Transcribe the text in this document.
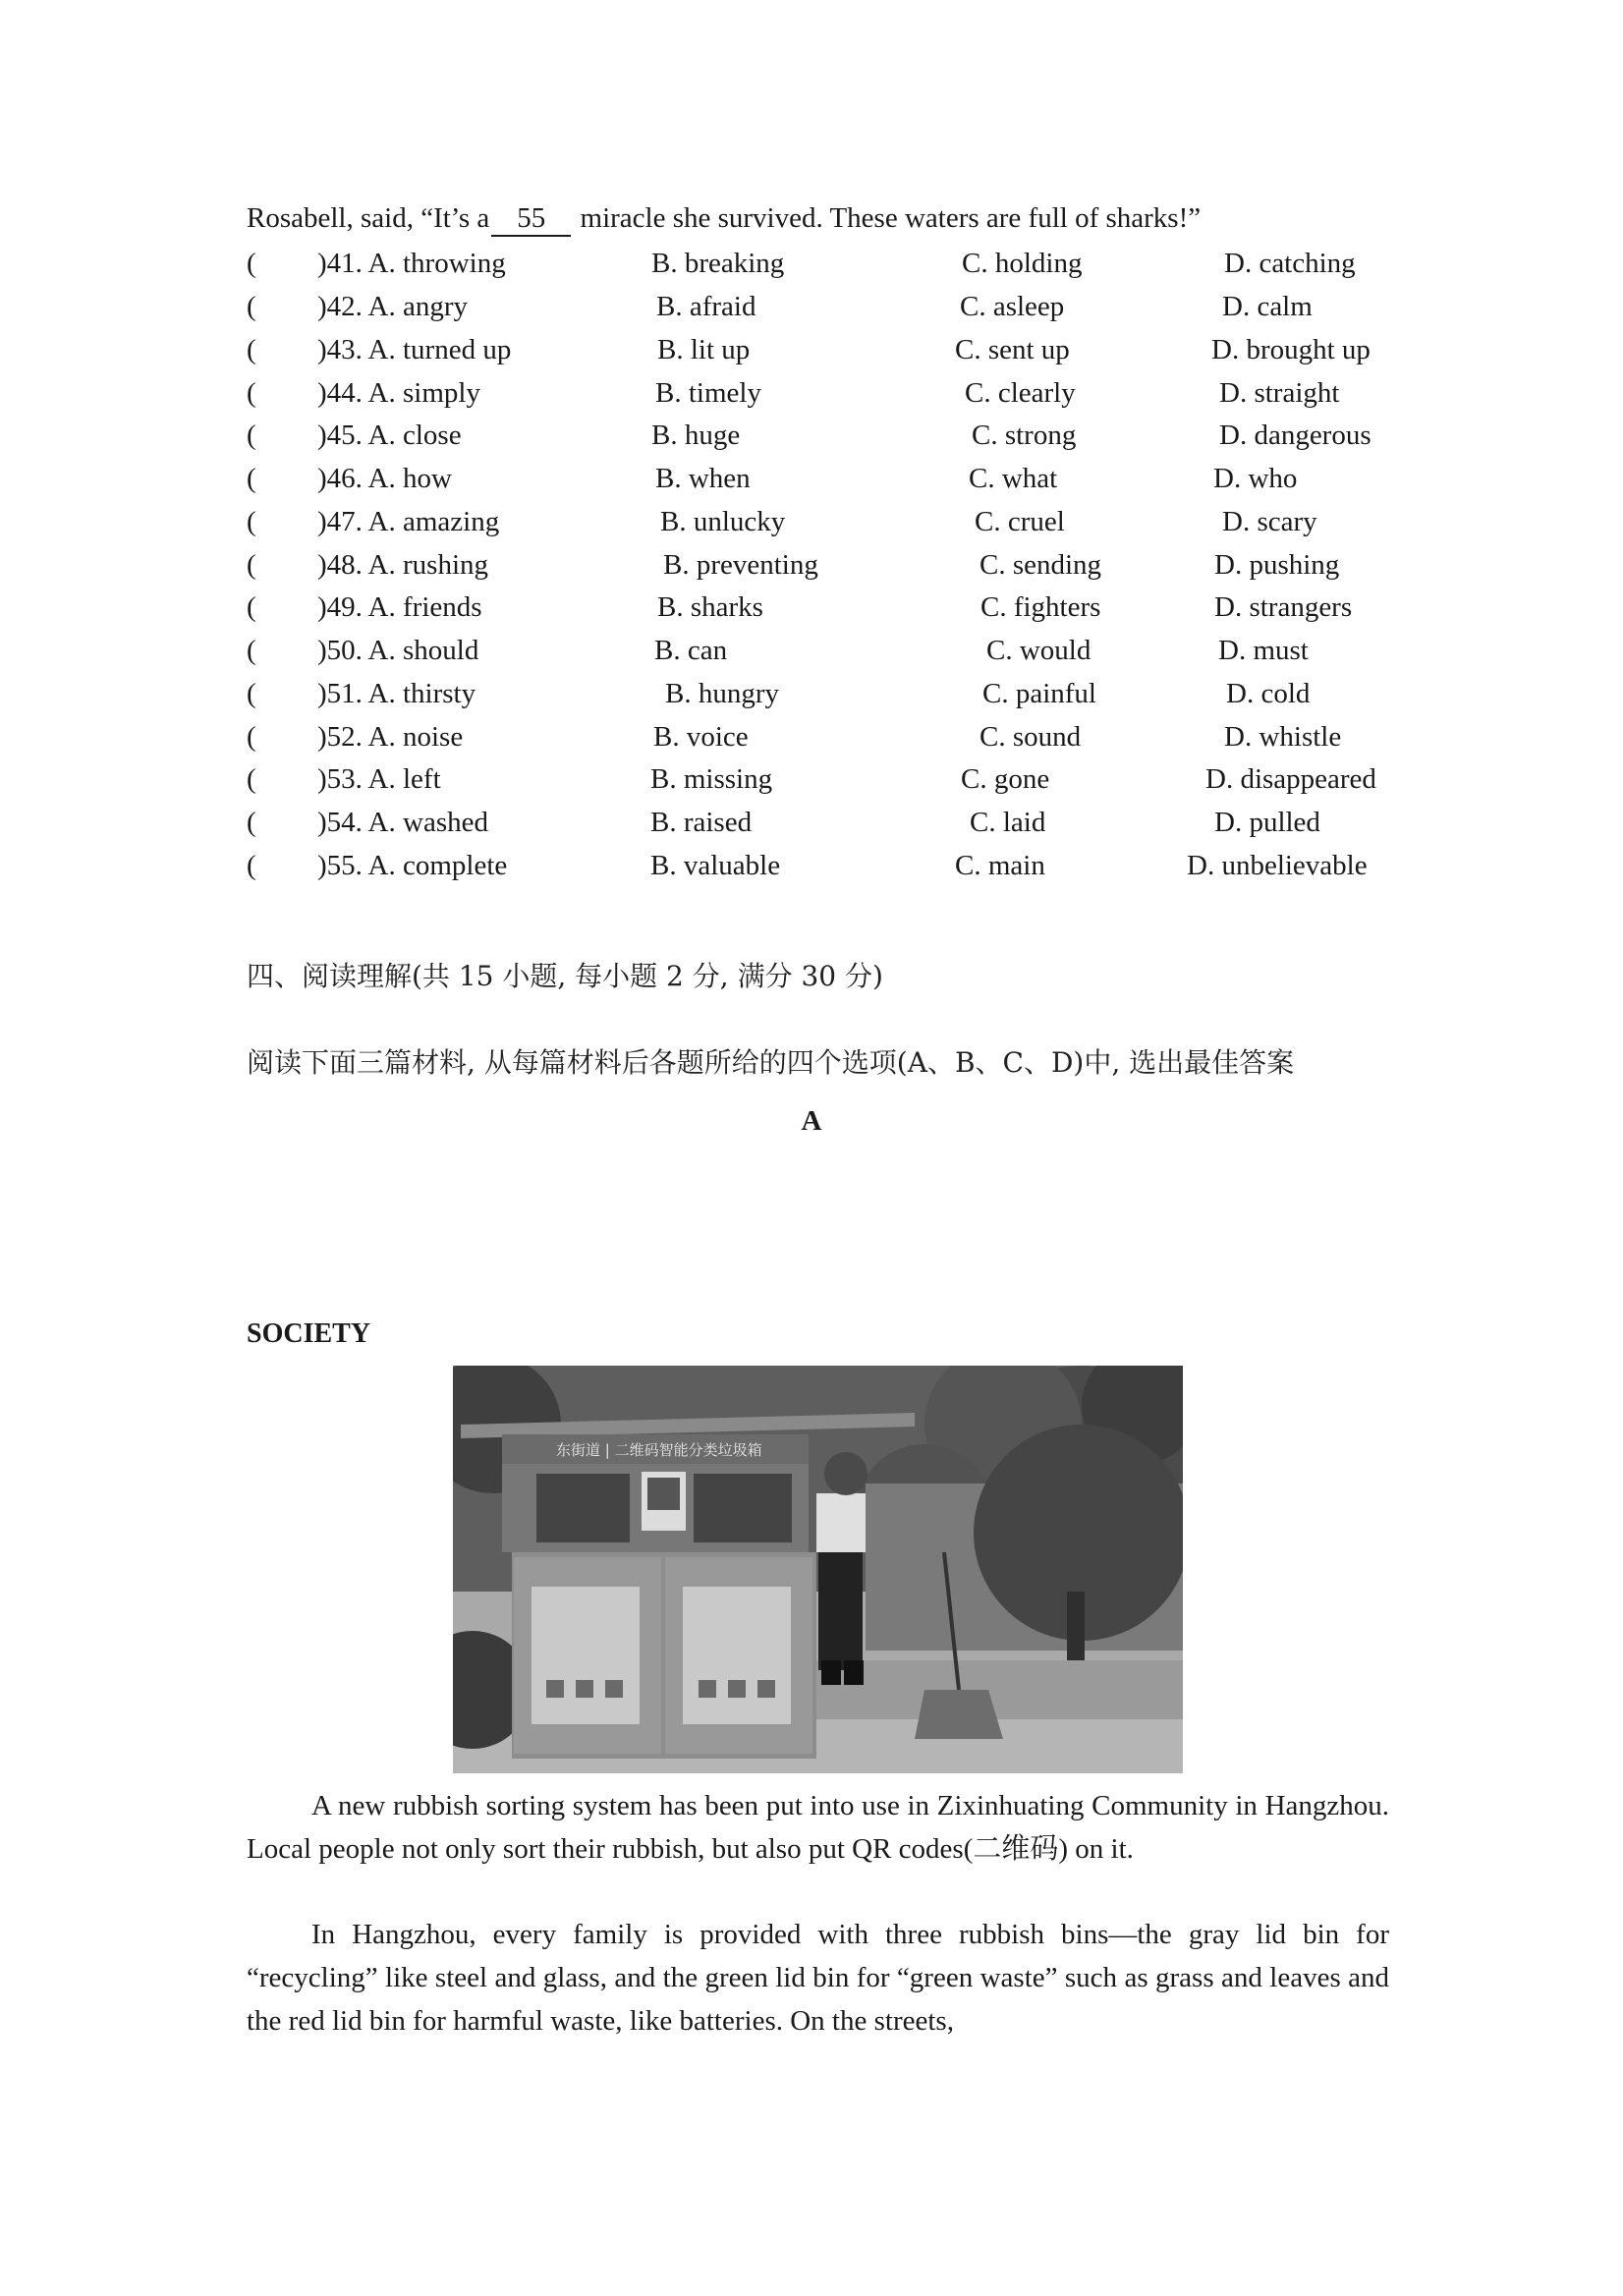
Rosabell, said, “It’s a 55 miracle she survived. These waters are full of sharks!”
( )41. A. throwing	B. breaking	C. holding	D. catching
( )42. A. angry	B. afraid	C. asleep	D. calm
( )43. A. turned up	B. lit up	C. sent up	D. brought up
( )44. A. simply	B. timely	C. clearly	D. straight
( )45. A. close	B. huge	C. strong	D. dangerous
( )46. A. how	B. when	C. what	D. who
( )47. A. amazing	B. unlucky	C. cruel	D. scary
( )48. A. rushing	B. preventing	C. sending	D. pushing
( )49. A. friends	B. sharks	C. fighters	D. strangers
( )50. A. should	B. can	C. would	D. must
( )51. A. thirsty	B. hungry	C. painful	D. cold
( )52. A. noise	B. voice	C. sound	D. whistle
( )53. A. left	B. missing	C. gone	D. disappeared
( )54. A. washed	B. raised	C. laid	D. pulled
( )55. A. complete	B. valuable	C. main	D. unbelievable
四、阅读理解(共 15 小题, 每小题 2 分, 满分 30 分)
阅读下面三篇材料, 从每篇材料后各题所给的四个选项(A、B、C、D)中, 选出最佳答案
A
SOCIETY
东街道 | 二维码智能分类垃圾箱
A new rubbish sorting system has been put into use in Zixinhuating Community in Hangzhou. Local people not only sort their rubbish, but also put QR codes(二维码) on it.
In Hangzhou, every family is provided with three rubbish bins—the gray lid bin for “recycling” like steel and glass, and the green lid bin for “green waste” such as grass and leaves and the red lid bin for harmful waste, like batteries. On the streets,
